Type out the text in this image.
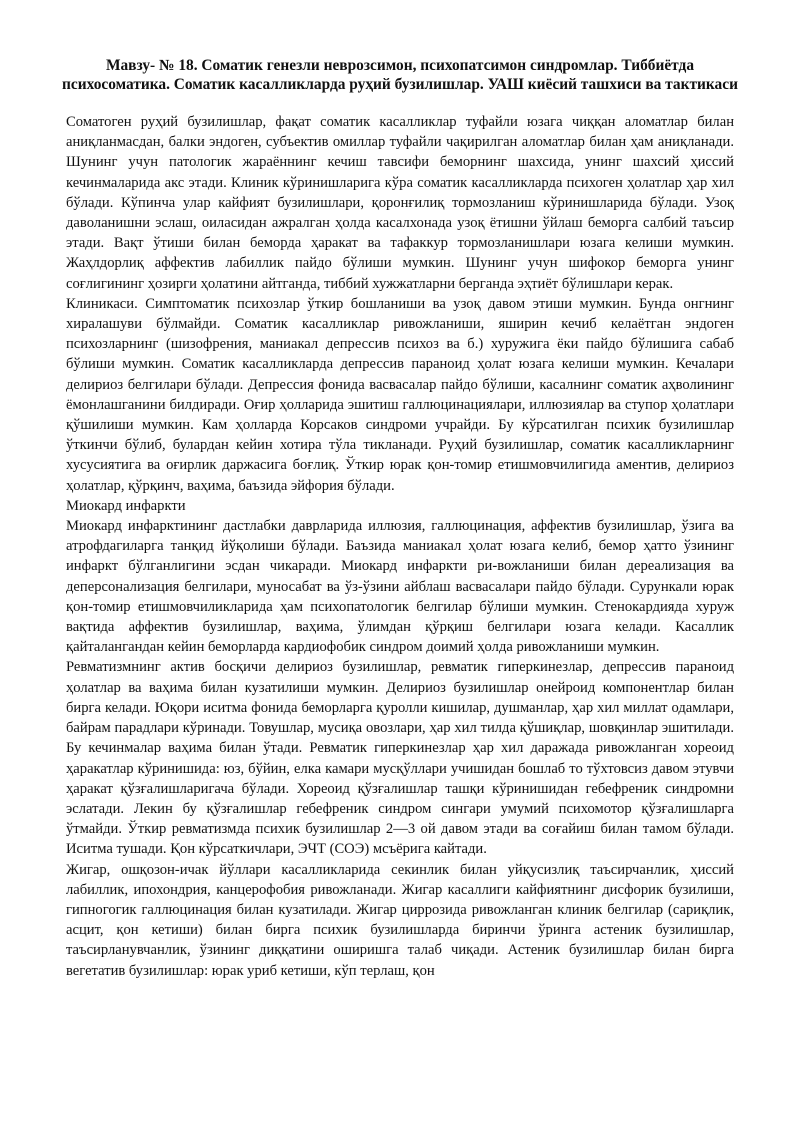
Мавзу- № 18. Соматик генезли неврозсимон, психопатсимон синдромлар. Тиббиётда психосоматика. Соматик касалликларда руҳий бузилишлар. УАШ киёсий ташхиси ва тактикаси

Соматоген руҳий бузилишлар, фақат соматик касалликлар туфайли юзага чиққан аломатлар билан аниқланмасдан, балки эндоген, субъектив омиллар туфайли чақирилган аломатлар билан ҳам аниқланади. Шунинг учун патологик жараённинг кечиш тавсифи беморнинг шахсида, унинг шахсий ҳиссий кечинмаларида акс этади. Клиник кўринишларига кўра соматик касалликларда психоген ҳолатлар ҳар хил бўлади. Кўпинча улар кайфият бузилишлари, қоронғилиқ тормозланиш кўринишларида бўлади. Узоқ даволанишни эслаш, оиласидан ажралган ҳолда касалхонада узоқ ётишни ўйлаш беморга салбий таъсир этади. Вақт ўтиши билан беморда ҳаракат ва тафаккур тормозланишлари юзага келиши мумкин. Жаҳлдорлиқ аффектив лабиллик пайдо бўлиши мумкин. Шунинг учун шифокор беморга унинг соғлигининг ҳозирги ҳолатини айтганда, тиббий хужжатларни берганда эҳтиёт бўлишлари керак.

Клиникаси. Симптоматик психозлар ўткир бошланиши ва узоқ давом этиши мумкин. Бунда онгнинг хиралашуви бўлмайди. Соматик касалликлар ривожланиши, яширин кечиб келаётган эндоген психозларнинг (шизофрения, маниакал депрессив психоз ва б.) хуружига ёки пайдо бўлишига сабаб бўлиши мумкин. Соматик касалликларда депрессив параноид ҳолат юзага келиши мумкин. Кечалари делириоз белгилари бўлади. Депрессия фонида васвасалар пайдо бўлиши, касалнинг соматик аҳволининг ёмонлашганини билдиради. Оғир ҳолларида эшитиш галлюцинациялари, иллюзиялар ва ступор ҳолатлари қўшилиши мумкин. Кам ҳолларда Корсаков синдроми учрайди. Бу кўрсатилган психик бузилишлар ўткинчи бўлиб, булардан кейин хотира тўла тикланади. Руҳий бузилишлар, соматик касалликларнинг хусусиятига ва оғирлик даржасига боғлиқ. Ўткир юрак қон-томир етишмовчилигида аментив, делириоз ҳолатлар, қўрқинч, ваҳима, баъзида эйфория бўлади.

Миокард инфаркти

Миокард инфарктининг дастлабки даврларида иллюзия, галлюцинация, аффектив бузилишлар, ўзига ва атрофдагиларга танқид йўқолиши бўлади. Баъзида маниакал ҳолат юзага келиб, бемор ҳатто ўзининг инфаркт бўлганлигини эсдан чикаради. Миокард инфаркти ри-вожланиши билан дереализация ва деперсонализация белгилари, муносабат ва ўз-ўзини айблаш васвасалари пайдо бўлади. Сурункали юрак қон-томир етишмовчиликларида ҳам психопатологик белгилар бўлиши мумкин. Стенокардияда хуруж вақтида аффектив бузилишлар, ваҳима, ўлимдан қўрқиш белгилари юзага келади. Касаллик қайталангандан кейин беморларда кардиофобик синдром доимий ҳолда ривожланиши мумкин.

Ревматизмнинг актив босқичи делириоз бузилишлар, ревматик гиперкинезлар, депрессив параноид ҳолатлар ва ваҳима билан кузатилиши мумкин. Делириоз бузилишлар онейроид компонентлар билан бирга келади. Юқори иситма фонида беморларга қуролли кишилар, душманлар, ҳар хил миллат одамлари, байрам парадлари кўринади. Товушлар, мусиқа овозлари, ҳар хил тилда қўшиқлар, шовқинлар эшитилади. Бу кечинмалар ваҳима билан ўтади. Ревматик гиперкинезлар ҳар хил даражада ривожланган хореоид ҳаракатлар кўринишида: юз, бўйин, елка камари мусқўллари учишидан бошлаб то тўхтовсиз давом этувчи ҳаракат қўзғалишларигача бўлади. Хореоид қўзғалишлар ташқи кўринишидан гебефреник синдромни эслатади. Лекин бу қўзғалишлар гебефреник синдром сингари умумий психомотор қўзғалишларга ўтмайди. Ўткир ревматизмда психик бузилишлар 2—3 ой давом этади ва соғайиш билан тамом бўлади. Иситма тушади. Қон кўрсаткичлари, ЭЧТ (СОЭ) мсъёрига кайтади.

Жигар, ошқозон-ичак йўллари касалликларида секинлик билан уйқусизлиқ таъсирчанлик, ҳиссий лабиллик, ипохондрия, канцерофобия ривожланади. Жигар касаллиги кайфиятнинг дисфорик бузилиши, гипногогик галлюцинация билан кузатилади. Жигар циррозида ривожланган клиник белгилар (сариқлик, асцит, қон кетиши) билан бирга психик бузилишларда биринчи ўринга астеник бузилишлар, таъсирланувчанлик, ўзининг диққатини оширишга талаб чиқади. Астеник бузилишлар билан бирга вегетатив бузилишлар: юрак уриб кетиши, кўп терлаш, қон
